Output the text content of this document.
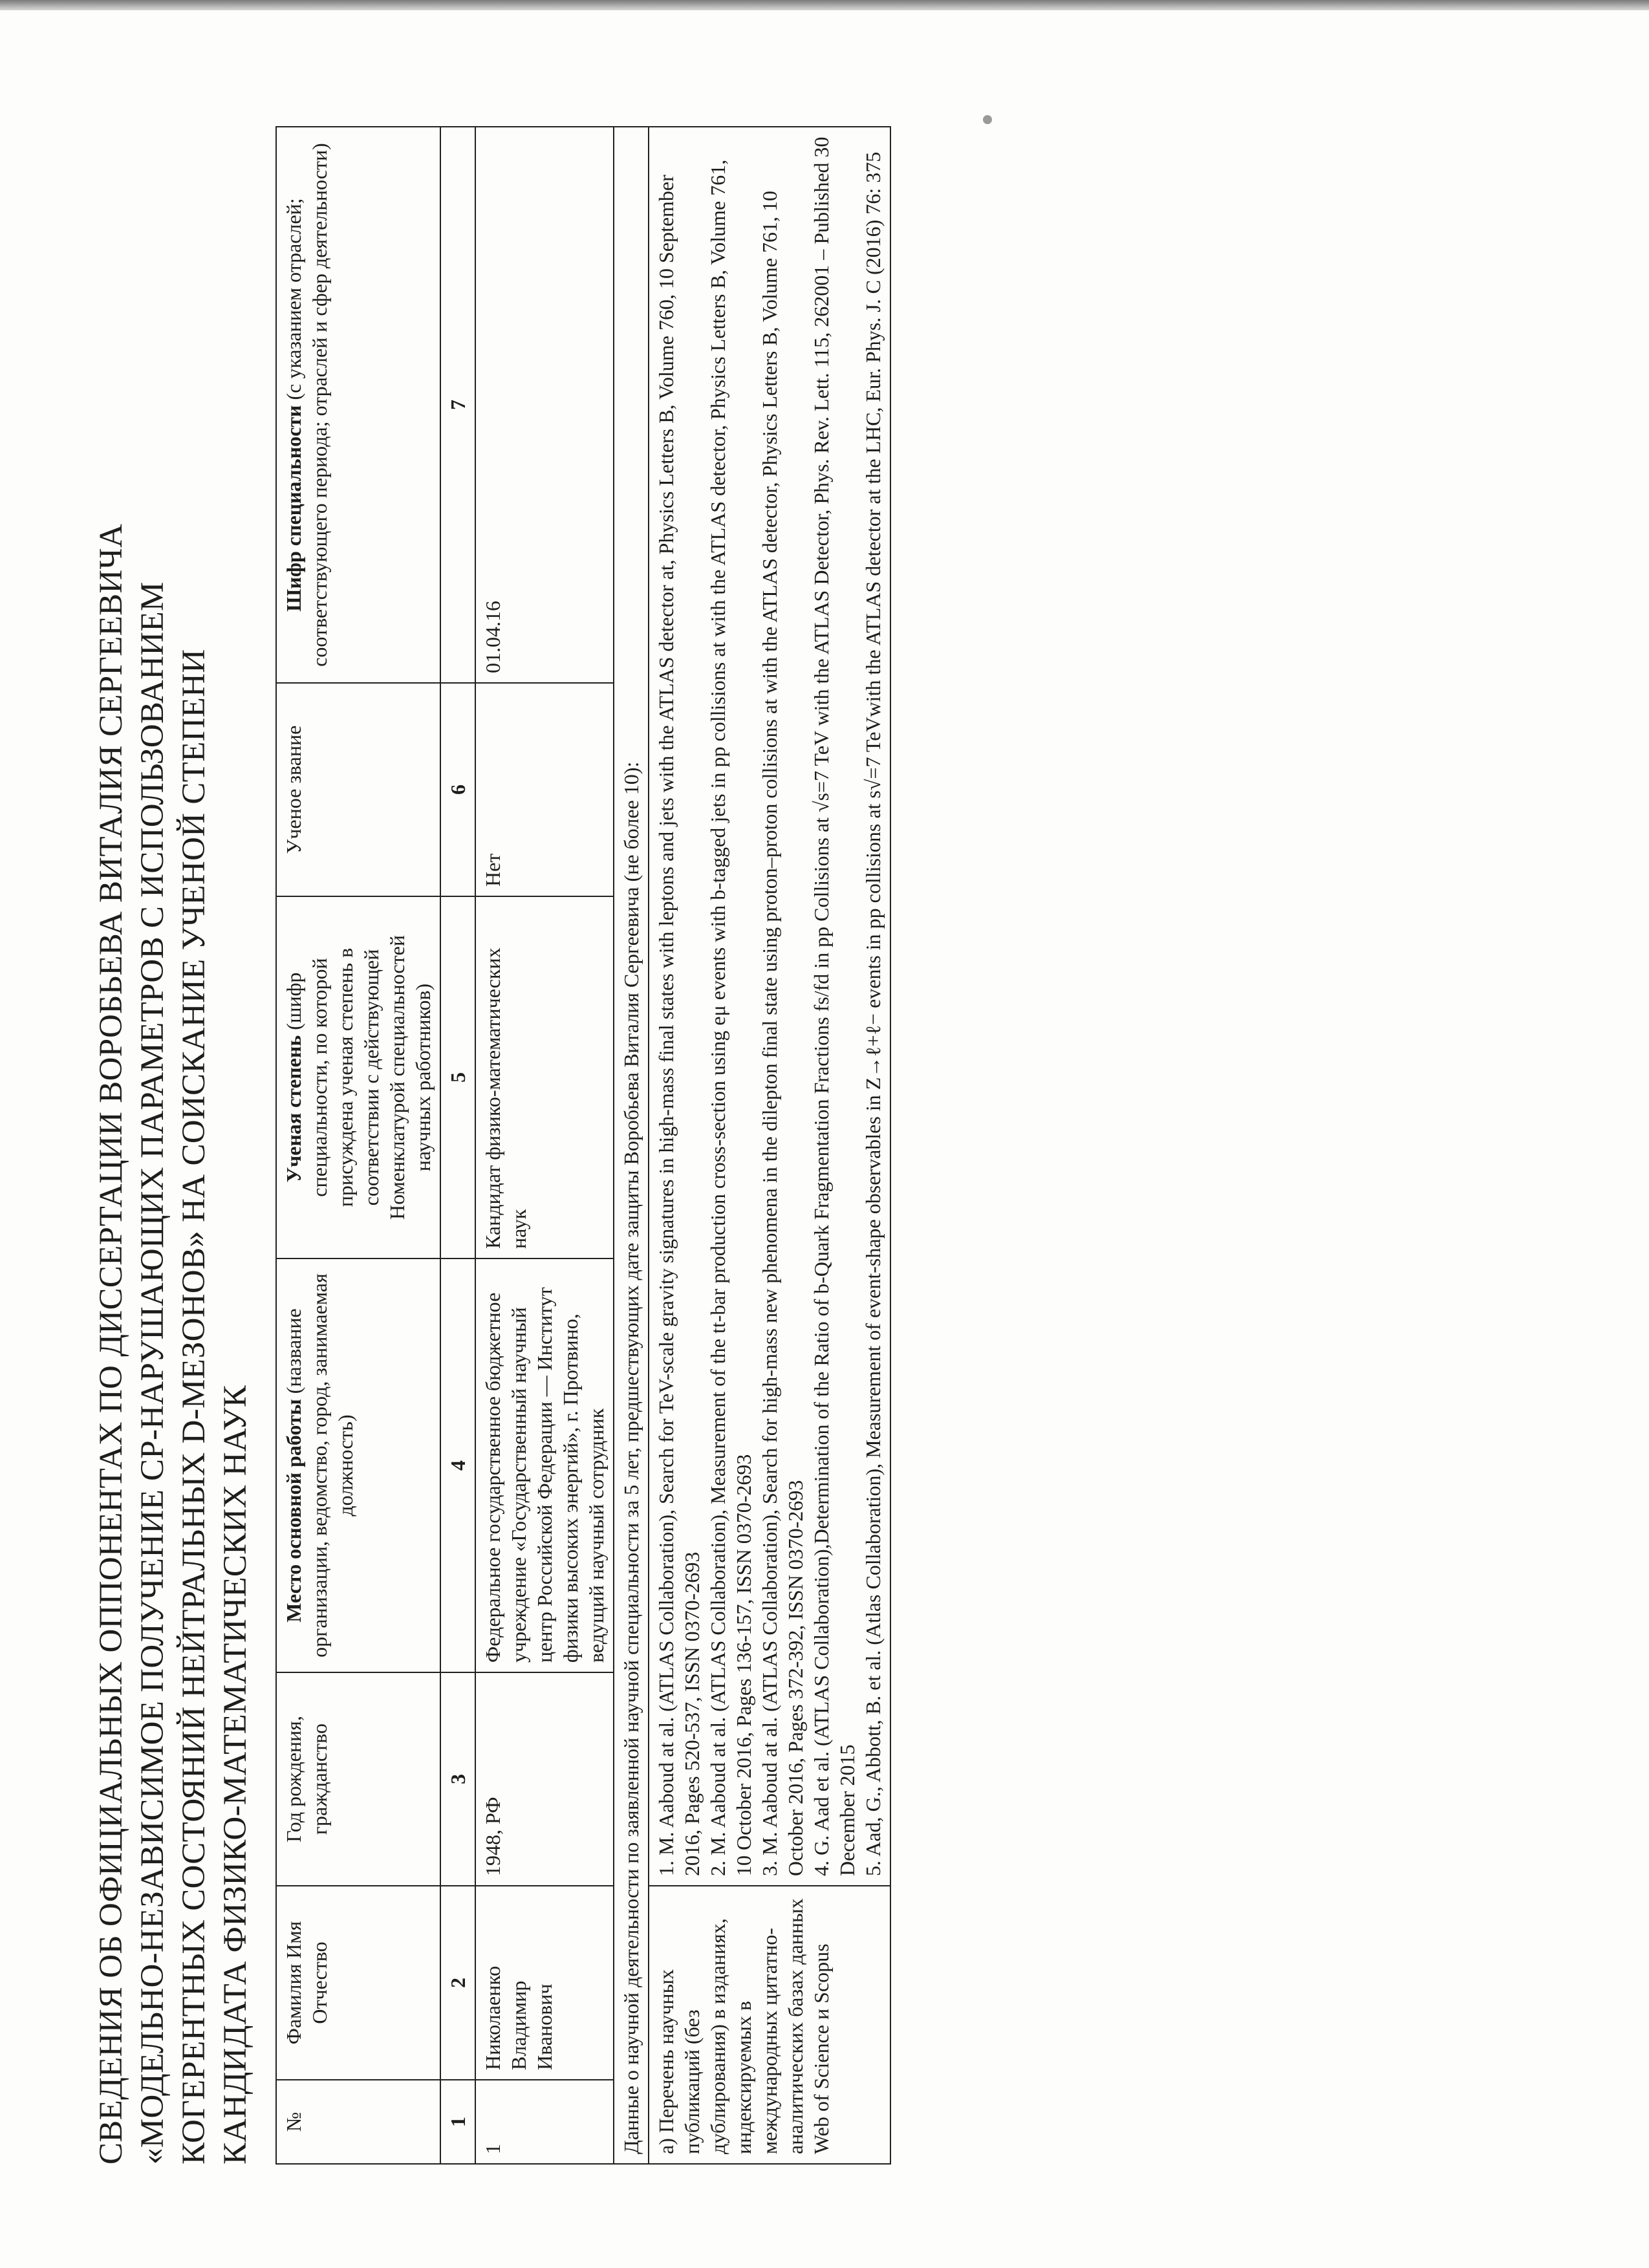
СВЕДЕНИЯ ОБ ОФИЦИАЛЬНЫХ ОППОНЕНТАХ ПО ДИССЕРТАЦИИ ВОРОБЬЕВА ВИТАЛИЯ СЕРГЕЕВИЧА «МОДЕЛЬНО-НЕЗАВИСИМОЕ ПОЛУЧЕНИЕ CP-НАРУШАЮЩИХ ПАРАМЕТРОВ С ИСПОЛЬЗОВАНИЕМ КОГЕРЕНТНЫХ СОСТОЯНИЙ НЕЙТРАЛЬНЫХ D-МЕЗОНОВ» НА СОИСКАНИЕ УЧЕНОЙ СТЕПЕНИ КАНДИДАТА ФИЗИКО-МАТЕМАТИЧЕСКИХ НАУК №	Фамилия Имя Отчество	Год рождения, гражданство	Место основной работы (название организации, ведомство, город, занимаемая должность)	Ученая степень (шифр специальности, по которой присуждена ученая степень в соответствии с действующей Номенклатурой специальностей научных работников)	Ученое звание	Шифр специальности (с указанием отраслей; соответствующего периода; отраслей и сфер деятельности)
1	2	3	4	5	6	7
1	Николаенко Владимир Иванович	1948, РФ	Федеральное государственное бюджетное учреждение «Государственный научный центр Российской Федерации — Институт физики высоких энергий», г. Протвино, ведущий научный сотрудник	Кандидат физико-математических наук	Нет	01.04.16
Данные о научной деятельности по заявленной научной специальности за 5 лет, предшествующих дате защиты Воробьева Виталия Сергеевича (не более 10):						
а) Перечень научных публикаций (без дублирования) в изданиях, индексируемых в международных цитатно- аналитических базах данных Web of Science и Scopus		1. M. Aaboud at al. (ATLAS Collaboration), Search for TeV-scale gravity signatures in high-mass final states with leptons and jets with the ATLAS detector at, Physics Letters B, Volume 760, 10 September 2016, Pages 520-537, ISSN 0370-2693 2. M. Aaboud at al. (ATLAS Collaboration), Measurement of the tt-bar production cross-section using eμ events with b-tagged jets in pp collisions at with the ATLAS detector, Physics Letters B, Volume 761, 10 October 2016, Pages 136-157, ISSN 0370-2693 3. M. Aaboud at al. (ATLAS Collaboration), Search for high-mass new phenomena in the dilepton final state using proton–proton collisions at with the ATLAS detector, Physics Letters B, Volume 761, 10 October 2016, Pages 372-392, ISSN 0370-2693 4. G. Aad et al. (ATLAS Collaboration),Determination of the Ratio of b-Quark Fragmentation Fractions fs/fd in pp Collisions at √s=7 TeV with the ATLAS Detector, Phys. Rev. Lett. 115, 262001 – Published 30 December 2015 5. Aad, G., Abbott, B. et al. (Atlas Collaboration), Measurement of event-shape observables in Z→ℓ+ℓ− events in pp collisions at s√=7 TeVwith the ATLAS detector at the LHC, Eur. Phys. J. C (2016) 76: 375				
